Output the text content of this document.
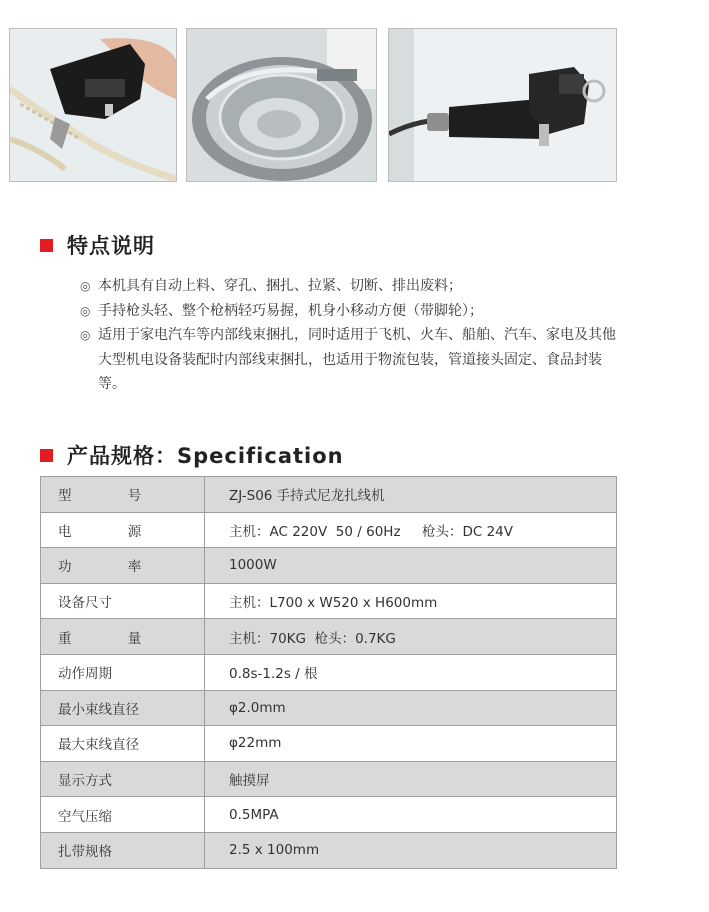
特点说明
◎ 本机具有自动上料、穿孔、捆扎、拉紧、切断、排出废料；
◎ 手持枪头轻、整个枪柄轻巧易握，机身小移动方便（带脚轮）；
◎ 适用于家电汽车等内部线束捆扎，同时适用于飞机、火车、船舶、汽车、家电及其他大型机电设备装配时内部线束捆扎，也适用于物流包装，管道接头固定、食品封装等。
产品规格：Specification
型 号	ZJ-S06 手持式尼龙扎线机
电 源	主机：AC 220V  50 / 60Hz     枪头：DC 24V
功 率	1000W
设备尺寸	主机：L700 x W520 x H600mm
重 量	主机：70KG  枪头：0.7KG
动作周期	0.8s-1.2s / 根
最小束线直径	φ2.0mm
最大束线直径	φ22mm
显示方式	触摸屏
空气压缩	0.5MPA
扎带规格	2.5 x 100mm
